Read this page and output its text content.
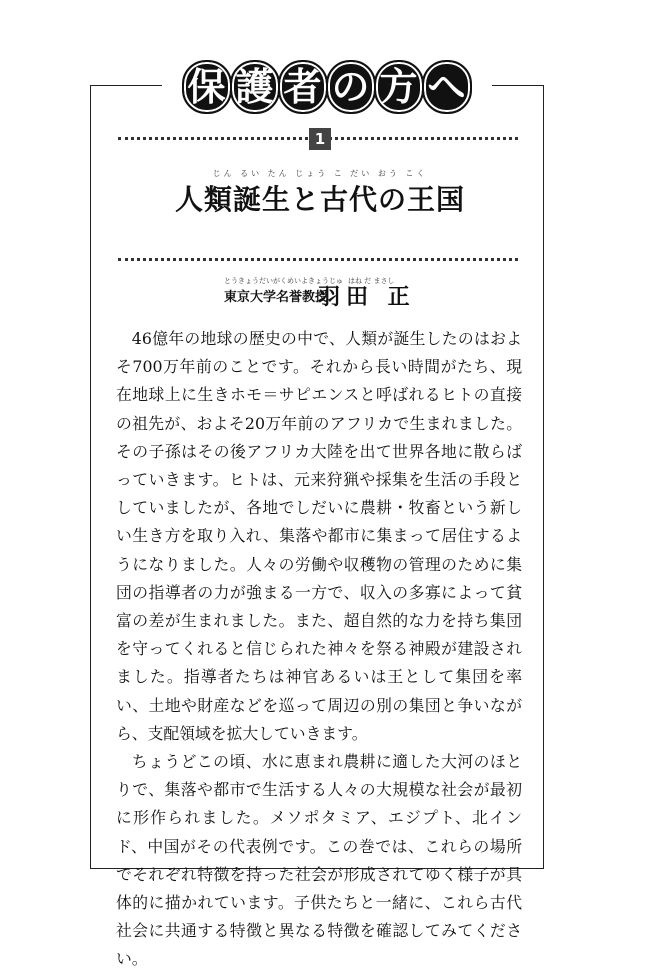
保 護 者 の 方 へ
1
じん るい たん じょう こ だい おう こく
人類誕生と古代の王国
とうきょうだいがくめいよきょうじゅ はね だ まさし
東京大学名誉教授
羽田 正

46億年の地球の歴史の中で、人類が誕生したのはおよそ700万年前のことです。それから長い時間がたち、現在地球上に生きホモ＝サピエンスと呼ばれるヒトの直接の祖先が、およそ20万年前のアフリカで生まれました。その子孫はその後アフリカ大陸を出て世界各地に散らばっていきます。ヒトは、元来狩猟や採集を生活の手段としていましたが、各地でしだいに農耕・牧畜という新しい生き方を取り入れ、集落や都市に集まって居住するようになりました。人々の労働や収穫物の管理のために集団の指導者の力が強まる一方で、収入の多寡によって貧富の差が生まれました。また、超自然的な力を持ち集団を守ってくれると信じられた神々を祭る神殿が建設されました。指導者たちは神官あるいは王として集団を率い、土地や財産などを巡って周辺の別の集団と争いながら、支配領域を拡大していきます。

ちょうどこの頃、水に恵まれ農耕に適した大河のほとりで、集落や都市で生活する人々の大規模な社会が最初に形作られました。メソポタミア、エジプト、北インド、中国がその代表例です。この巻では、これらの場所でそれぞれ特徴を持った社会が形成されてゆく様子が具体的に描かれています。子供たちと一緒に、これら古代社会に共通する特徴と異なる特徴を確認してみてください。
